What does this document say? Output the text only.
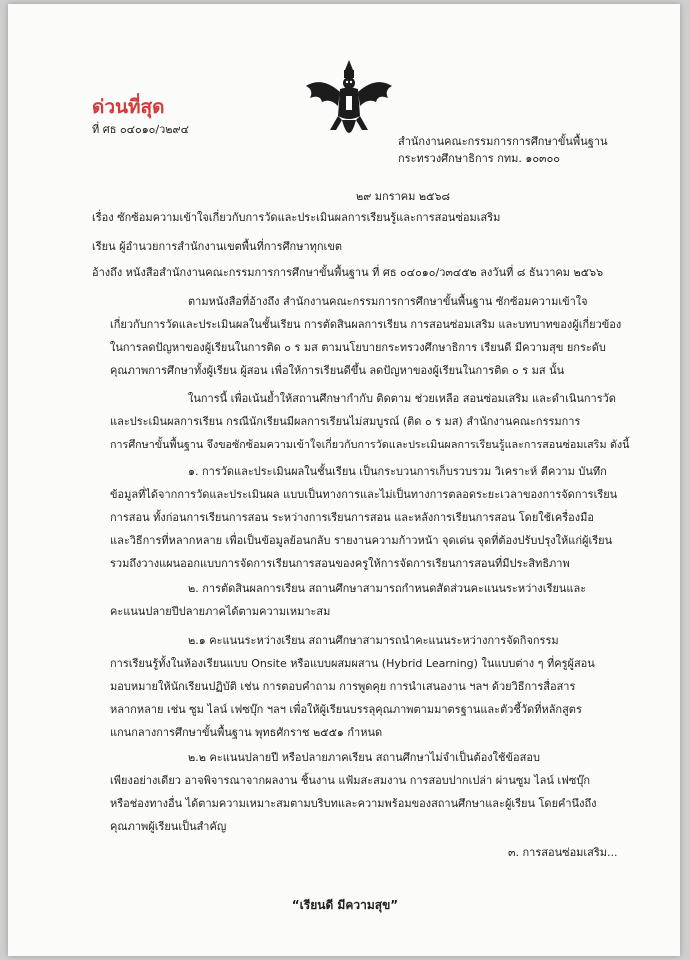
ด่วนที่สุด
ที่ ศธ ๐๔๐๑๐/ว๒๙๔
สำนักงานคณะกรรมการการศึกษาขั้นพื้นฐาน
กระทรวงศึกษาธิการ กทม. ๑๐๓๐๐
๒๙ มกราคม ๒๕๖๘
เรื่อง ซักซ้อมความเข้าใจเกี่ยวกับการวัดและประเมินผลการเรียนรู้และการสอนซ่อมเสริม
เรียน ผู้อำนวยการสำนักงานเขตพื้นที่การศึกษาทุกเขต
อ้างถึง หนังสือสำนักงานคณะกรรมการการศึกษาขั้นพื้นฐาน ที่ ศธ ๐๔๐๑๐/ว๓๔๕๒ ลงวันที่ ๘ ธันวาคม ๒๕๖๖
ตามหนังสือที่อ้างถึง สำนักงานคณะกรรมการการศึกษาขั้นพื้นฐาน ซักซ้อมความเข้าใจ
เกี่ยวกับการวัดและประเมินผลในชั้นเรียน การตัดสินผลการเรียน การสอนซ่อมเสริม และบทบาทของผู้เกี่ยวข้อง
ในการลดปัญหาของผู้เรียนในการติด ๐ ร มส ตามนโยบายกระทรวงศึกษาธิการ เรียนดี มีความสุข ยกระดับ
คุณภาพการศึกษาทั้งผู้เรียน ผู้สอน เพื่อให้การเรียนดีขึ้น ลดปัญหาของผู้เรียนในการติด ๐ ร มส นั้น
ในการนี้ เพื่อเน้นย้ำให้สถานศึกษากำกับ ติดตาม ช่วยเหลือ สอนซ่อมเสริม และดำเนินการวัด
และประเมินผลการเรียน กรณีนักเรียนมีผลการเรียนไม่สมบูรณ์ (ติด ๐ ร มส) สำนักงานคณะกรรมการ
การศึกษาขั้นพื้นฐาน จึงขอซักซ้อมความเข้าใจเกี่ยวกับการวัดและประเมินผลการเรียนรู้และการสอนซ่อมเสริม ดังนี้
๑. การวัดและประเมินผลในชั้นเรียน เป็นกระบวนการเก็บรวบรวม วิเคราะห์ ตีความ บันทึก
ข้อมูลที่ได้จากการวัดและประเมินผล แบบเป็นทางการและไม่เป็นทางการตลอดระยะเวลาของการจัดการเรียน
การสอน ทั้งก่อนการเรียนการสอน ระหว่างการเรียนการสอน และหลังการเรียนการสอน โดยใช้เครื่องมือ
และวิธีการที่หลากหลาย เพื่อเป็นข้อมูลย้อนกลับ รายงานความก้าวหน้า จุดเด่น จุดที่ต้องปรับปรุงให้แก่ผู้เรียน
รวมถึงวางแผนออกแบบการจัดการเรียนการสอนของครูให้การจัดการเรียนการสอนที่มีประสิทธิภาพ
๒. การตัดสินผลการเรียน สถานศึกษาสามารถกำหนดสัดส่วนคะแนนระหว่างเรียนและ
คะแนนปลายปีปลายภาคได้ตามความเหมาะสม
๒.๑ คะแนนระหว่างเรียน สถานศึกษาสามารถนำคะแนนระหว่างการจัดกิจกรรม
การเรียนรู้ทั้งในห้องเรียนแบบ Onsite หรือแบบผสมผสาน (Hybrid Learning) ในแบบต่าง ๆ ที่ครูผู้สอน
มอบหมายให้นักเรียนปฏิบัติ เช่น การตอบคำถาม การพูดคุย การนำเสนองาน ฯลฯ ด้วยวิธีการสื่อสาร
หลากหลาย เช่น ซูม ไลน์ เฟซบุ๊ก ฯลฯ เพื่อให้ผู้เรียนบรรลุคุณภาพตามมาตรฐานและตัวชี้วัดที่หลักสูตร
แกนกลางการศึกษาขั้นพื้นฐาน พุทธศักราช ๒๕๕๑ กำหนด
๒.๒ คะแนนปลายปี หรือปลายภาคเรียน สถานศึกษาไม่จำเป็นต้องใช้ข้อสอบ
เพียงอย่างเดียว อาจพิจารณาจากผลงาน ชิ้นงาน แฟ้มสะสมงาน การสอบปากเปล่า ผ่านซูม ไลน์ เฟซบุ๊ก
หรือช่องทางอื่น ได้ตามความเหมาะสมตามบริบทและความพร้อมของสถานศึกษาและผู้เรียน โดยคำนึงถึง
คุณภาพผู้เรียนเป็นสำคัญ
๓. การสอนซ่อมเสริม...
“เรียนดี มีความสุข”
